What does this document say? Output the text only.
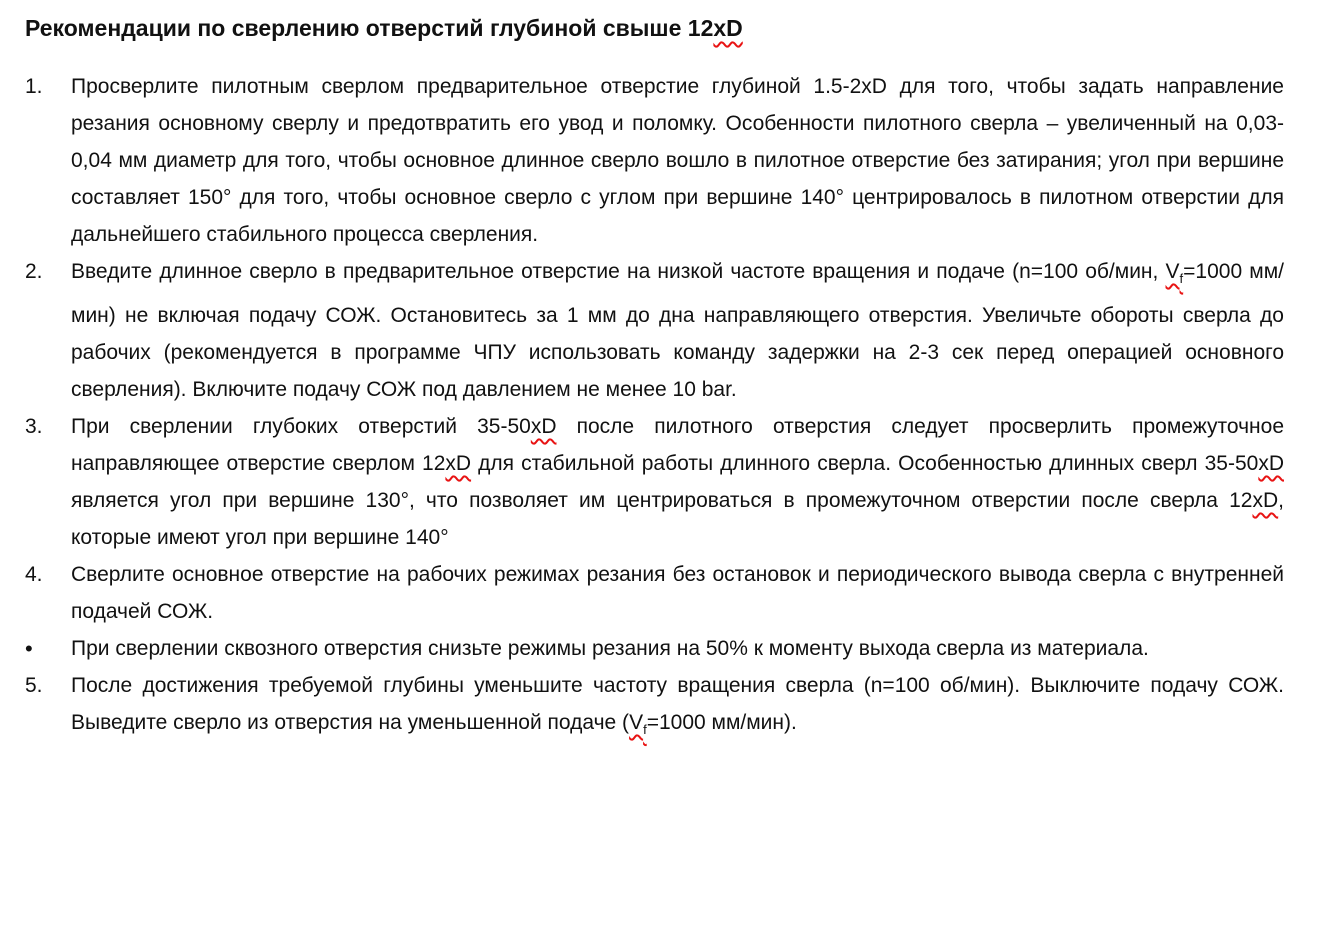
Рекомендации по сверлению отверстий глубиной свыше 12xD
1.	Просверлите пилотным сверлом предварительное отверстие глубиной 1.5-2xD для того, чтобы задать направление резания основному сверлу и предотвратить его увод и поломку. Особенности пилотного сверла – увеличенный на 0,03-0,04 мм диаметр для того, чтобы основное длинное сверло вошло в пилотное отверстие без затирания; угол при вершине составляет 150° для того, чтобы основное сверло с углом при вершине 140° центрировалось в пилотном отверстии для дальнейшего стабильного процесса сверления.
2.	Введите длинное сверло в предварительное отверстие на низкой частоте вращения и подаче (n=100 об/мин, $V_f=1000$ мм/мин) не включая подачу СОЖ. Остановитесь за 1 мм до дна направляющего отверстия. Увеличьте обороты сверла до рабочих (рекомендуется в программе ЧПУ использовать команду задержки на 2-3 сек перед операцией основного сверления). Включите подачу СОЖ под давлением не менее 10 bar.
3.	При сверлении глубоких отверстий 35-50xD после пилотного отверстия следует просверлить промежуточное направляющее отверстие сверлом 12xD для стабильной работы длинного сверла. Особенностью длинных сверл 35-50xD является угол при вершине 130°, что позволяет им центрироваться в промежуточном отверстии после сверла 12xD, которые имеют угол при вершине 140°
4.	Сверлите основное отверстие на рабочих режимах резания без остановок и периодического вывода сверла с внутренней подачей СОЖ.
•	При сверлении сквозного отверстия снизьте режимы резания на 50% к моменту выхода сверла из материала.
5.	После достижения требуемой глубины уменьшите частоту вращения сверла (n=100 об/мин). Выключите подачу СОЖ. Выведите сверло из отверстия на уменьшенной подаче ($V_f=1000$ мм/мин).
